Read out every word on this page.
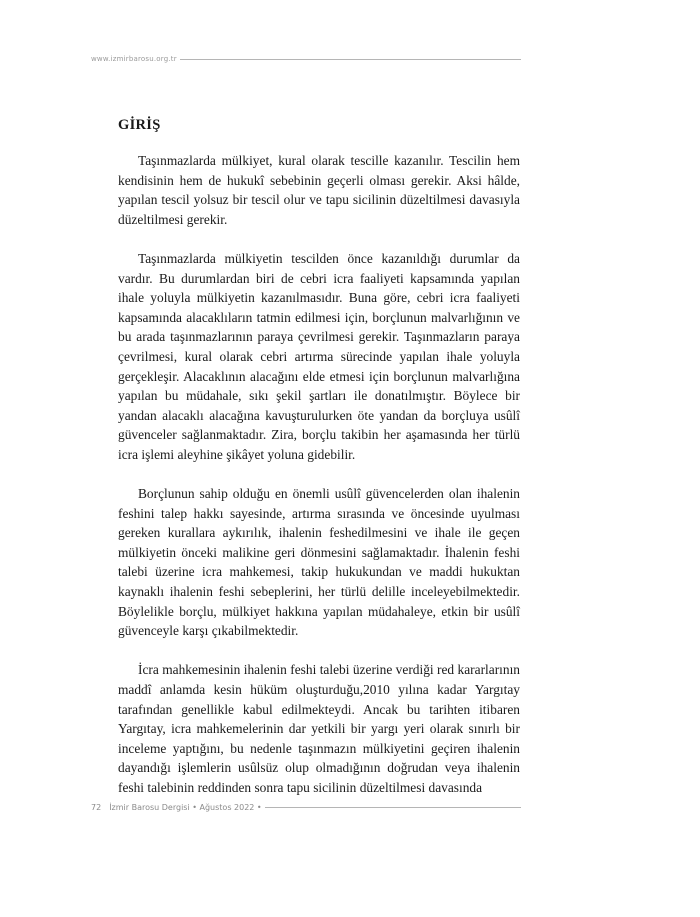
www.izmirbarosu.org.tr
GİRİŞ

Taşınmazlarda mülkiyet, kural olarak tescille kazanılır. Tescilin hem kendisinin hem de hukukî sebebinin geçerli olması gerekir. Aksi hâlde, yapılan tescil yolsuz bir tescil olur ve tapu sicilinin düzeltilmesi davasıyla düzeltilmesi gerekir.

Taşınmazlarda mülkiyetin tescilden önce kazanıldığı durumlar da vardır. Bu durumlardan biri de cebri icra faaliyeti kapsamında yapılan ihale yoluyla mülkiyetin kazanılmasıdır. Buna göre, cebri icra faaliyeti kapsamında alacaklıların tatmin edilmesi için, borçlunun malvarlığının ve bu arada taşınmazlarının paraya çevrilmesi gerekir. Taşınmazların paraya çevrilmesi, kural olarak cebri artırma sürecinde yapılan ihale yoluyla gerçekleşir. Alacaklının alacağını elde etmesi için borçlunun malvarlığına yapılan bu müdahale, sıkı şekil şartları ile donatılmıştır. Böylece bir yandan alacaklı alacağına kavuşturulurken öte yandan da borçluya usûlî güvenceler sağlanmaktadır. Zira, borçlu takibin her aşamasında her türlü icra işlemi aleyhine şikâyet yoluna gidebilir.

Borçlunun sahip olduğu en önemli usûlî güvencelerden olan ihalenin feshini talep hakkı sayesinde, artırma sırasında ve öncesinde uyulması gereken kurallara aykırılık, ihalenin feshedilmesini ve ihale ile geçen mülkiyetin önceki malikine geri dönmesini sağlamaktadır. İhalenin feshi talebi üzerine icra mahkemesi, takip hukukundan ve maddi hukuktan kaynaklı ihalenin feshi sebeplerini, her türlü delille inceleyebilmektedir. Böylelikle borçlu, mülkiyet hakkına yapılan müdahaleye, etkin bir usûlî güvenceyle karşı çıkabilmektedir.

İcra mahkemesinin ihalenin feshi talebi üzerine verdiği red kararlarının maddî anlamda kesin hüküm oluşturduğu,2010 yılına kadar Yargıtay tarafından genellikle kabul edilmekteydi. Ancak bu tarihten itibaren Yargıtay, icra mahkemelerinin dar yetkili bir yargı yeri olarak sınırlı bir inceleme yaptığını, bu nedenle taşınmazın mülkiyetini geçiren ihalenin dayandığı işlemlerin usûlsüz olup olmadığının doğrudan veya ihalenin feshi talebinin reddinden sonra tapu sicilinin düzeltilmesi davasında

72 İzmir Barosu Dergisi • Ağustos 2022 •
